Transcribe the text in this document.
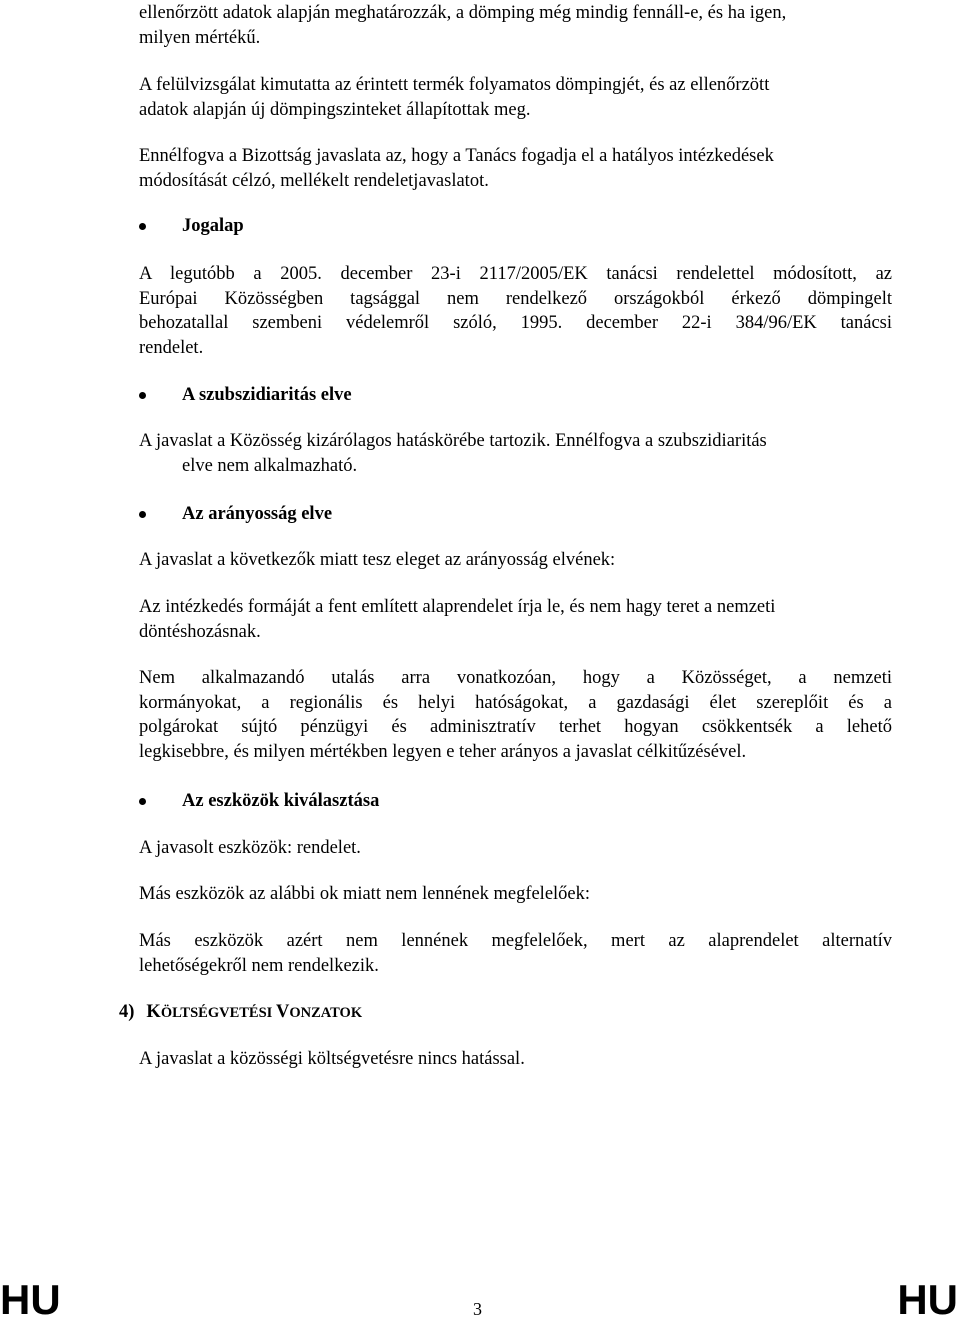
ellenőrzött adatok alapján meghatározzák, a dömping még mindig fennáll-e, és ha igen,
milyen mértékű.
A felülvizsgálat kimutatta az érintett termék folyamatos dömpingjét, és az ellenőrzött
adatok alapján új dömpingszinteket állapítottak meg.
Ennélfogva a Bizottság javaslata az, hogy a Tanács fogadja el a hatályos intézkedések
módosítását célzó, mellékelt rendeletjavaslatot.
Jogalap
A legutóbb a 2005. december 23-i 2117/2005/EK tanácsi rendelettel módosított, az
Európai Közösségben tagsággal nem rendelkező országokból érkező dömpingelt
behozatallal szembeni védelemről szóló, 1995. december 22-i 384/96/EK tanácsi
rendelet.
A szubszidiaritás elve
A javaslat a Közösség kizárólagos hatáskörébe tartozik. Ennélfogva a szubszidiaritás
elve nem alkalmazható.
Az arányosság elve
A javaslat a következők miatt tesz eleget az arányosság elvének:
Az intézkedés formáját a fent említett alaprendelet írja le, és nem hagy teret a nemzeti
döntéshozásnak.
Nem alkalmazandó utalás arra vonatkozóan, hogy a Közösséget, a nemzeti
kormányokat, a regionális és helyi hatóságokat, a gazdasági élet szereplőit és a
polgárokat sújtó pénzügyi és adminisztratív terhet hogyan csökkentsék a lehető
legkisebbre, és milyen mértékben legyen e teher arányos a javaslat célkitűzésével.
Az eszközök kiválasztása
A javasolt eszközök: rendelet.
Más eszközök az alábbi ok miatt nem lennének megfelelőek:
Más eszközök azért nem lennének megfelelőek, mert az alaprendelet alternatív
lehetőségekről nem rendelkezik.
4) KÖLTSÉGVETÉSI VONZATOK
A javaslat a közösségi költségvetésre nincs hatással.
HU	3	HU
